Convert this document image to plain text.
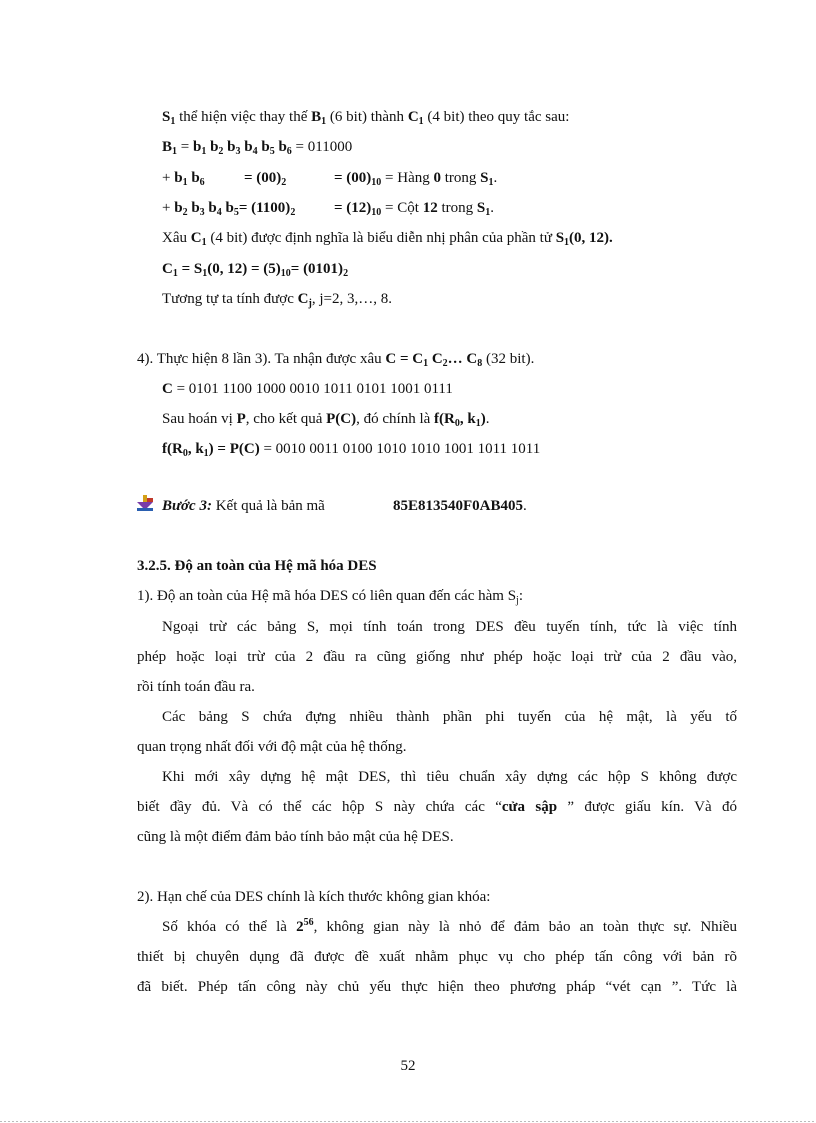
$S_1$ thể hiện việc thay thế $B_1$ (6 bit) thành $C_1$ (4 bit) theo quy tắc sau:
$B_1 = b_1$ $b_2$ $b_3$ $b_4$ $b_5$ $b_6 = 011000$
+ $b_1$ $b_6$	= $(00)_2$	= $(00)_{10}$ = Hàng 0 trong $S_1$.
+ $b_2$ $b_3$ $b_4$ $b_5= (1100)_2$	= $(12)_{10}$ = Cột 12 trong $S_1$.
Xâu $C_1$ (4 bit) được định nghĩa là biểu diễn nhị phân của phần tử $S_1(0$, 12).
$C_1 = S_1(0$, $12) = (5)_{10}= (0101)_2$
Tương tự ta tính được $C_j$, j=2, 3,…, 8.
4). Thực hiện 8 lần 3). Ta nhận được xâu $C = C_1$ $C_2\dots$ $C_8$ (32 bit).
C = 0101 1100 1000 0010 1011 0101 1001 0111
Sau hoán vị P, cho kết quả P(C), đó chính là $f(R_0$, $k_1$).
$f(R_0$, $k_1) = P(C) = 0010$ 0011 0100 1010 1010 1001 1011 1011
Bước 3: Kết quả là bản mã	85E813540F0AB405.
3.2.5. Độ an toàn của Hệ mã hóa DES
1). Độ an toàn của Hệ mã hóa DES có liên quan đến các hàm $S_j$:
Ngoại trừ các bảng S, mọi tính toán trong DES đều tuyến tính, tức là việc tính
phép hoặc loại trừ của 2 đầu ra cũng giống như phép hoặc loại trừ của 2 đầu vào,
rồi tính toán đầu ra.
Các bảng S chứa đựng nhiều thành phần phi tuyến của hệ mật, là yếu tố
quan trọng nhất đối với độ mật của hệ thống.
Khi mới xây dựng hệ mật DES, thì tiêu chuẩn xây dựng các hộp S không được
biết đầy đủ. Và có thể các hộp S này chứa các “cửa sập ” được giấu kín. Và đó
cũng là một điểm đảm bảo tính bảo mật của hệ DES.
2). Hạn chế của DES chính là kích thước không gian khóa:
Số khóa có thể là $2^{56}$, không gian này là nhỏ để đảm bảo an toàn thực sự. Nhiều
thiết bị chuyên dụng đã được đề xuất nhằm phục vụ cho phép tấn công với bản rõ
đã biết. Phép tấn công này chủ yếu thực hiện theo phương pháp “vét cạn ”. Tức là
52
